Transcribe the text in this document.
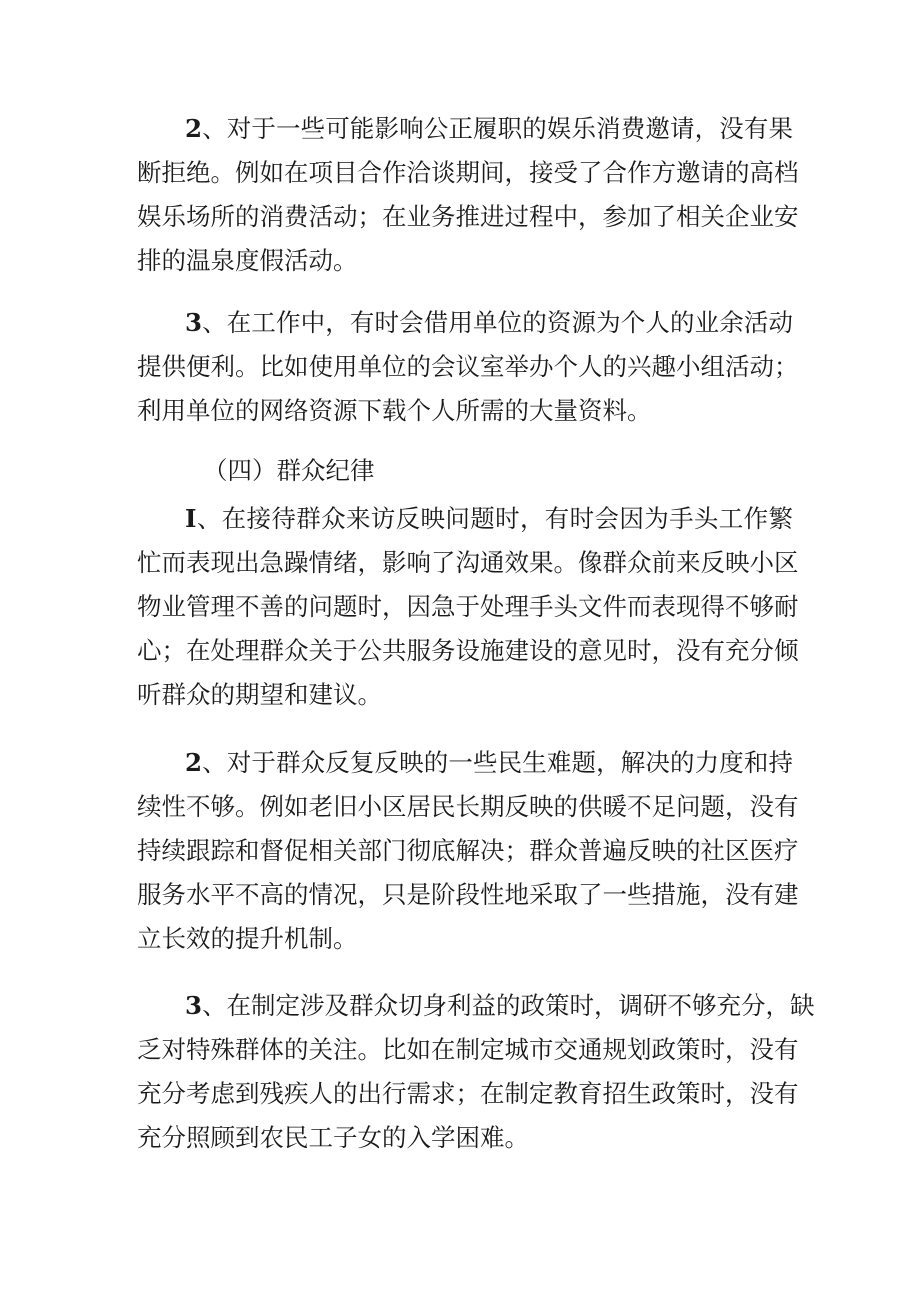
2、对于一些可能影响公正履职的娱乐消费邀请，没有果
断拒绝。例如在项目合作洽谈期间，接受了合作方邀请的高档
娱乐场所的消费活动；在业务推进过程中，参加了相关企业安
排的温泉度假活动。

3、在工作中，有时会借用单位的资源为个人的业余活动
提供便利。比如使用单位的会议室举办个人的兴趣小组活动；
利用单位的网络资源下载个人所需的大量资料。

（四）群众纪律

I、在接待群众来访反映问题时，有时会因为手头工作繁
忙而表现出急躁情绪，影响了沟通效果。像群众前来反映小区
物业管理不善的问题时，因急于处理手头文件而表现得不够耐
心；在处理群众关于公共服务设施建设的意见时，没有充分倾
听群众的期望和建议。

2、对于群众反复反映的一些民生难题，解决的力度和持
续性不够。例如老旧小区居民长期反映的供暖不足问题，没有
持续跟踪和督促相关部门彻底解决；群众普遍反映的社区医疗
服务水平不高的情况，只是阶段性地采取了一些措施，没有建
立长效的提升机制。

3、在制定涉及群众切身利益的政策时，调研不够充分，缺
乏对特殊群体的关注。比如在制定城市交通规划政策时，没有
充分考虑到残疾人的出行需求；在制定教育招生政策时，没有
充分照顾到农民工子女的入学困难。
